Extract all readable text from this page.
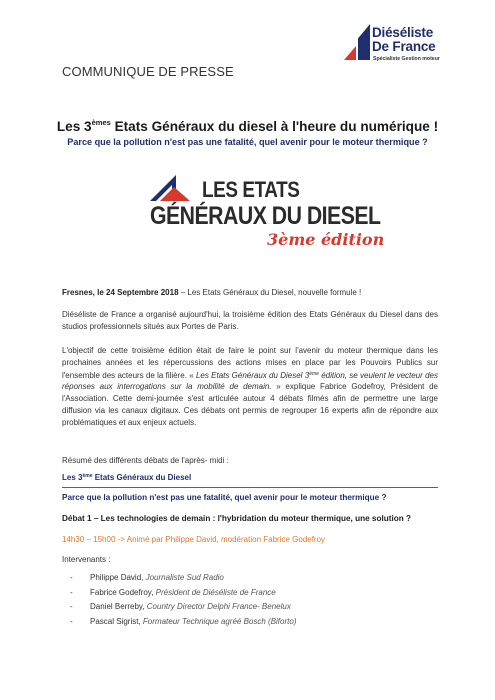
Diéséliste
De France
Spécialiste Gestion moteur
COMMUNIQUE DE PRESSE
Les 3èmes Etats Généraux du diesel à l'heure du numérique !
Parce que la pollution n'est pas une fatalité, quel avenir pour le moteur thermique ?
LES ETATS
GÉNÉRAUX DU DIESEL
3ème édition

Fresnes, le 24 Septembre 2018 – Les Etats Généraux du Diesel, nouvelle formule !

Diéséliste de France a organisé aujourd'hui, la troisième édition des Etats Généraux du Diesel dans des studios professionnels situés aux Portes de Paris.

L'objectif de cette troisième édition était de faire le point sur l'avenir du moteur thermique dans les prochaines années et les répercussions des actions mises en place par les Pouvoirs Publics sur l'ensemble des acteurs de la filière. « Les Etats Généraux du Diesel 3ème édition, se veulent le vecteur des réponses aux interrogations sur la mobilité de demain. » explique Fabrice Godefroy, Président de l'Association. Cette demi-journée s'est articulée autour 4 débats filmés afin de permettre une large diffusion via les canaux digitaux. Ces débats ont permis de regrouper 16 experts afin de répondre aux problématiques et aux enjeux actuels.

Résumé des différents débats de l'après- midi :
Les 3ème Etats Généraux du Diesel
Parce que la pollution n'est pas une fatalité, quel avenir pour le moteur thermique ?
Débat 1 – Les technologies de demain : l'hybridation du moteur thermique, une solution ?
14h30 – 15h00 -> Animé par Philippe David, modération Fabrice Godefroy
Intervenants :
- Philippe David, Journaliste Sud Radio
- Fabrice Godefroy, Président de Diéséliste de France
- Daniel Berreby, Country Director Delphi France- Benelux
- Pascal Sigrist, Formateur Technique agréé Bosch (Biforto)
